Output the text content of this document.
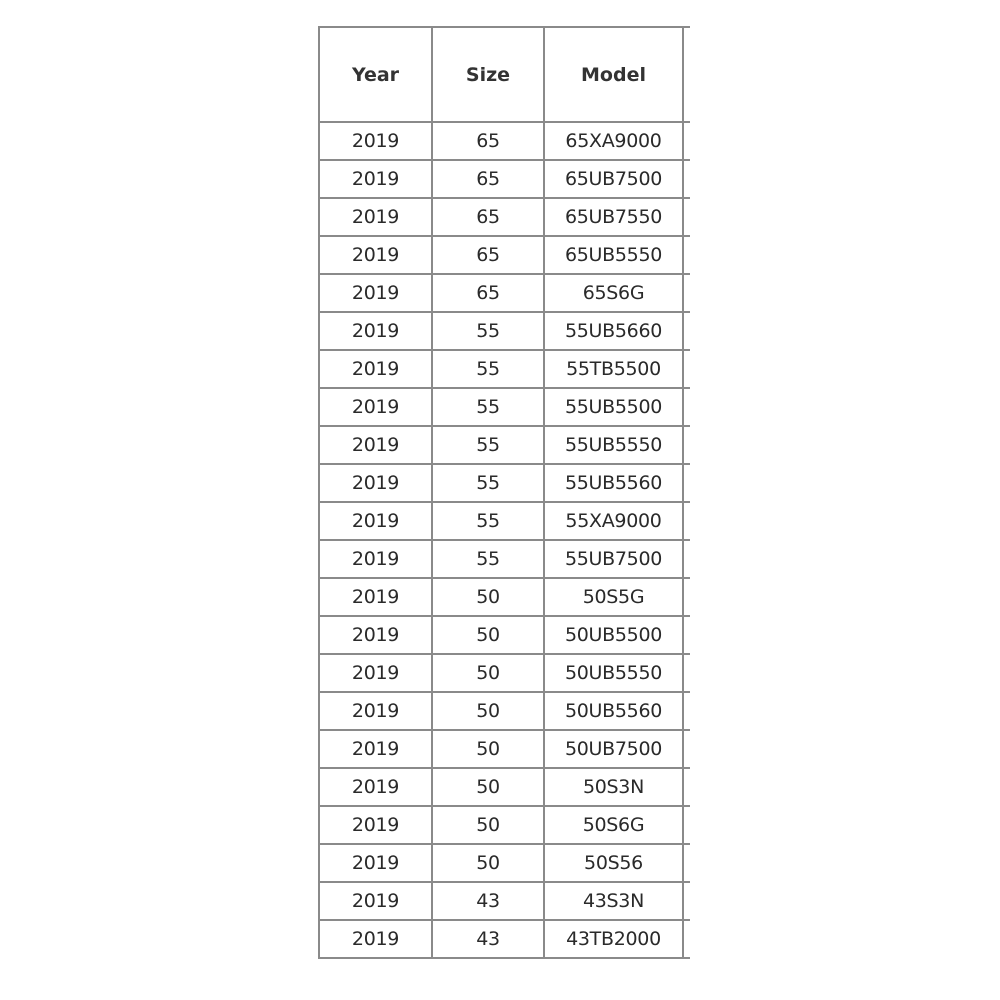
Year	Size	Model	
2019	65	65XA9000	
2019	65	65UB7500	
2019	65	65UB7550	
2019	65	65UB5550	
2019	65	65S6G	
2019	55	55UB5660	
2019	55	55TB5500	
2019	55	55UB5500	
2019	55	55UB5550	
2019	55	55UB5560	
2019	55	55XA9000	
2019	55	55UB7500	
2019	50	50S5G	
2019	50	50UB5500	
2019	50	50UB5550	
2019	50	50UB5560	
2019	50	50UB7500	
2019	50	50S3N	
2019	50	50S6G	
2019	50	50S56	
2019	43	43S3N	
2019	43	43TB2000	
